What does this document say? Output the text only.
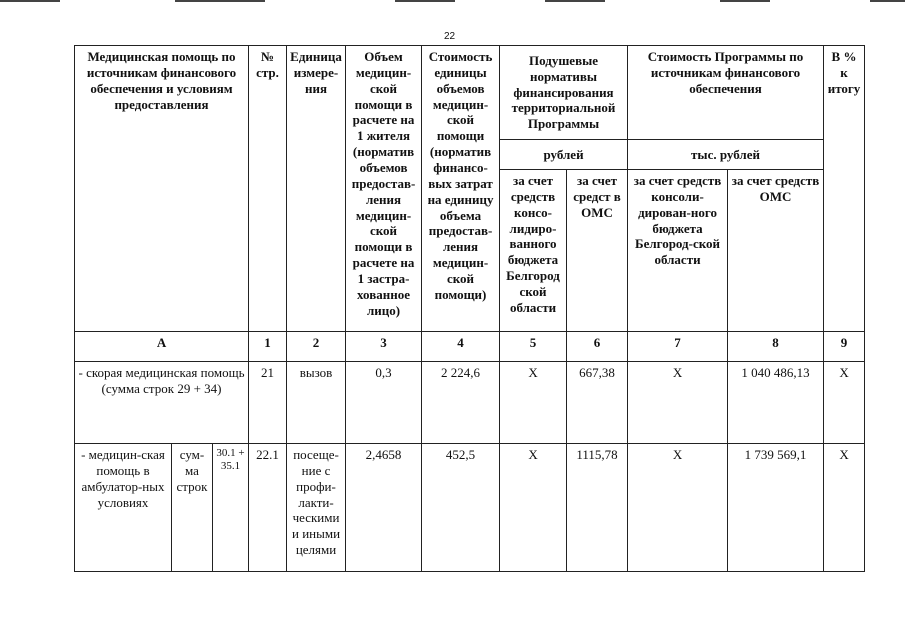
22
Медицинская помощь по источникам финансового обеспечения и условиям предоставления			№ стр.	Единица измере-ния	Объем медицин-ской помощи в расчете на 1 жителя (норматив объемов предостав-ления медицин-ской помощи в расчете на 1 застра-хованное лицо)	Стоимость единицы объемов медицин-ской помощи (норматив финансо-вых затрат на единицу объема предостав-ления медицин-ской помощи)	Подушевые нормативы финансирования территориальной Программы		Стоимость Программы по источникам финансового обеспечения		В % к итогу
							рублей		тыс. рублей		
							за счет средств консо-лидиро-ванного бюджета Белгород ской области	за счет средст в ОМС	за счет средств консоли-дирован-ного бюджета Белгород-ской области	за счет средств ОМС	
А			1	2	3	4	5	6	7	8	9
- скорая медицинская помощь (сумма строк 29 + 34)			21	вызов	0,3	2 224,6	Х	667,38	Х	1 040 486,13	Х
- медицин-ская помощь в амбулатор-ных условиях	сум-ма строк	30.1 + 35.1	22.1	посеще-ние с профи-лакти-ческими и иными целями	2,4658	452,5	Х	1115,78	Х	1 739 569,1	Х
